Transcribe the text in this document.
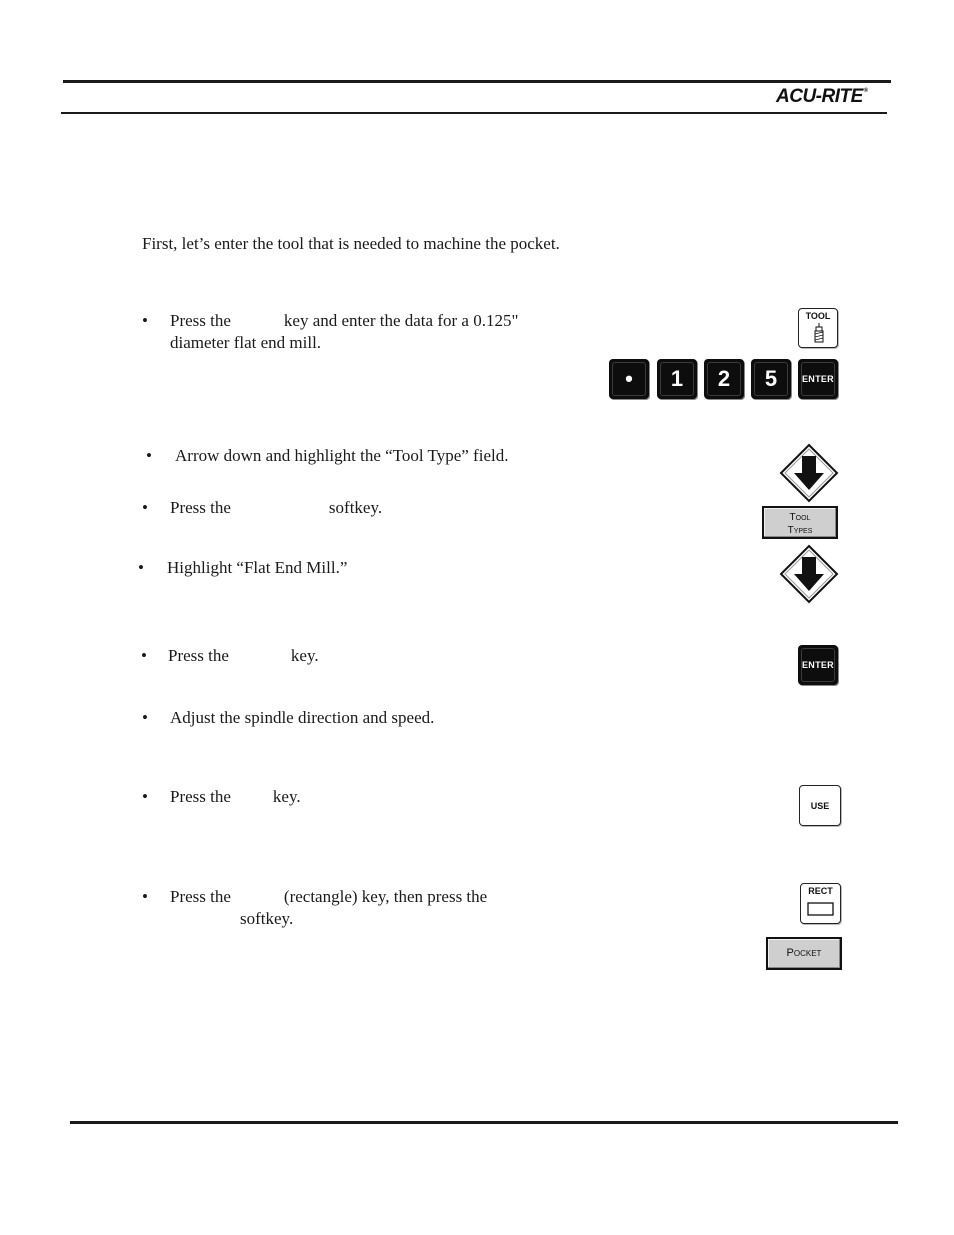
ACU-RITE®
First, let’s enter the tool that is needed to machine the pocket.
• Press the	key and enter the data for a 0.125"
diameter flat end mill.
• Arrow down and highlight the “Tool Type” field.
• Press the	softkey.
• Highlight “Flat End Mill.”
• Press the	key.
• Adjust the spindle direction and speed.
• Press the key.
• Press the	(rectangle) key, then press the
softkey.
TOOL
• 1 2 5	ENTER
Tool
Types
ENTER
USE
RECT
Pocket
